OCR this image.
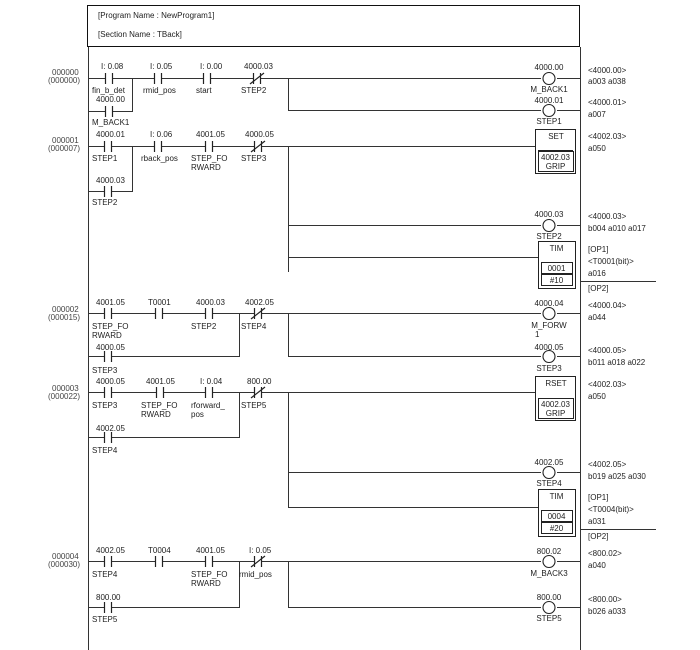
[Program Name : NewProgram1]
[Section Name : TBack]
000000
(000000)
000001
(000007)
000002
(000015)
000003
(000022)
000004
(000030)
I: 0.08
fin_b_det
I: 0.05
rmid_pos
I: 0.00
start
4000.03
STEP2
4000.00
M_BACK1
4000.01
STEP1
I: 0.06
rback_pos
4001.05
STEP_FO
RWARD
4000.05
STEP3
4000.03
STEP2
4001.05
STEP_FO
RWARD
T0001	4000.03
STEP2
4002.05
STEP4
4000.05
STEP3
4000.05
STEP3
4001.05
STEP_FO
RWARD
I: 0.04
rforward_
pos
800.00
STEP5
4002.05
STEP4
4002.05
STEP4
T0004	4001.05
STEP_FO
RWARD
I: 0.05
rmid_pos
800.00
STEP5
4000.00
M_BACK1
<4000.00>
a003 a038
4000.01
STEP1
<4000.01>
a007
SET
4002.03
GRIP
<4002.03>
a050
4000.03
STEP2
<4000.03>
b004 a010 a017
TIM
0001
#10
[OP1]
<T0001(bit)>
a016
[OP2]
4000.04
M_FORW
1
<4000.04>
a044
4000.05
STEP3
<4000.05>
b011 a018 a022
RSET
4002.03
GRIP
<4002.03>
a050
4002.05
STEP4
<4002.05>
b019 a025 a030
TIM
0004
#20
[OP1]
<T0004(bit)>
a031
[OP2]
800.02
M_BACK3
<800.02>
a040
800.00
STEP5
<800.00>
b026 a033
